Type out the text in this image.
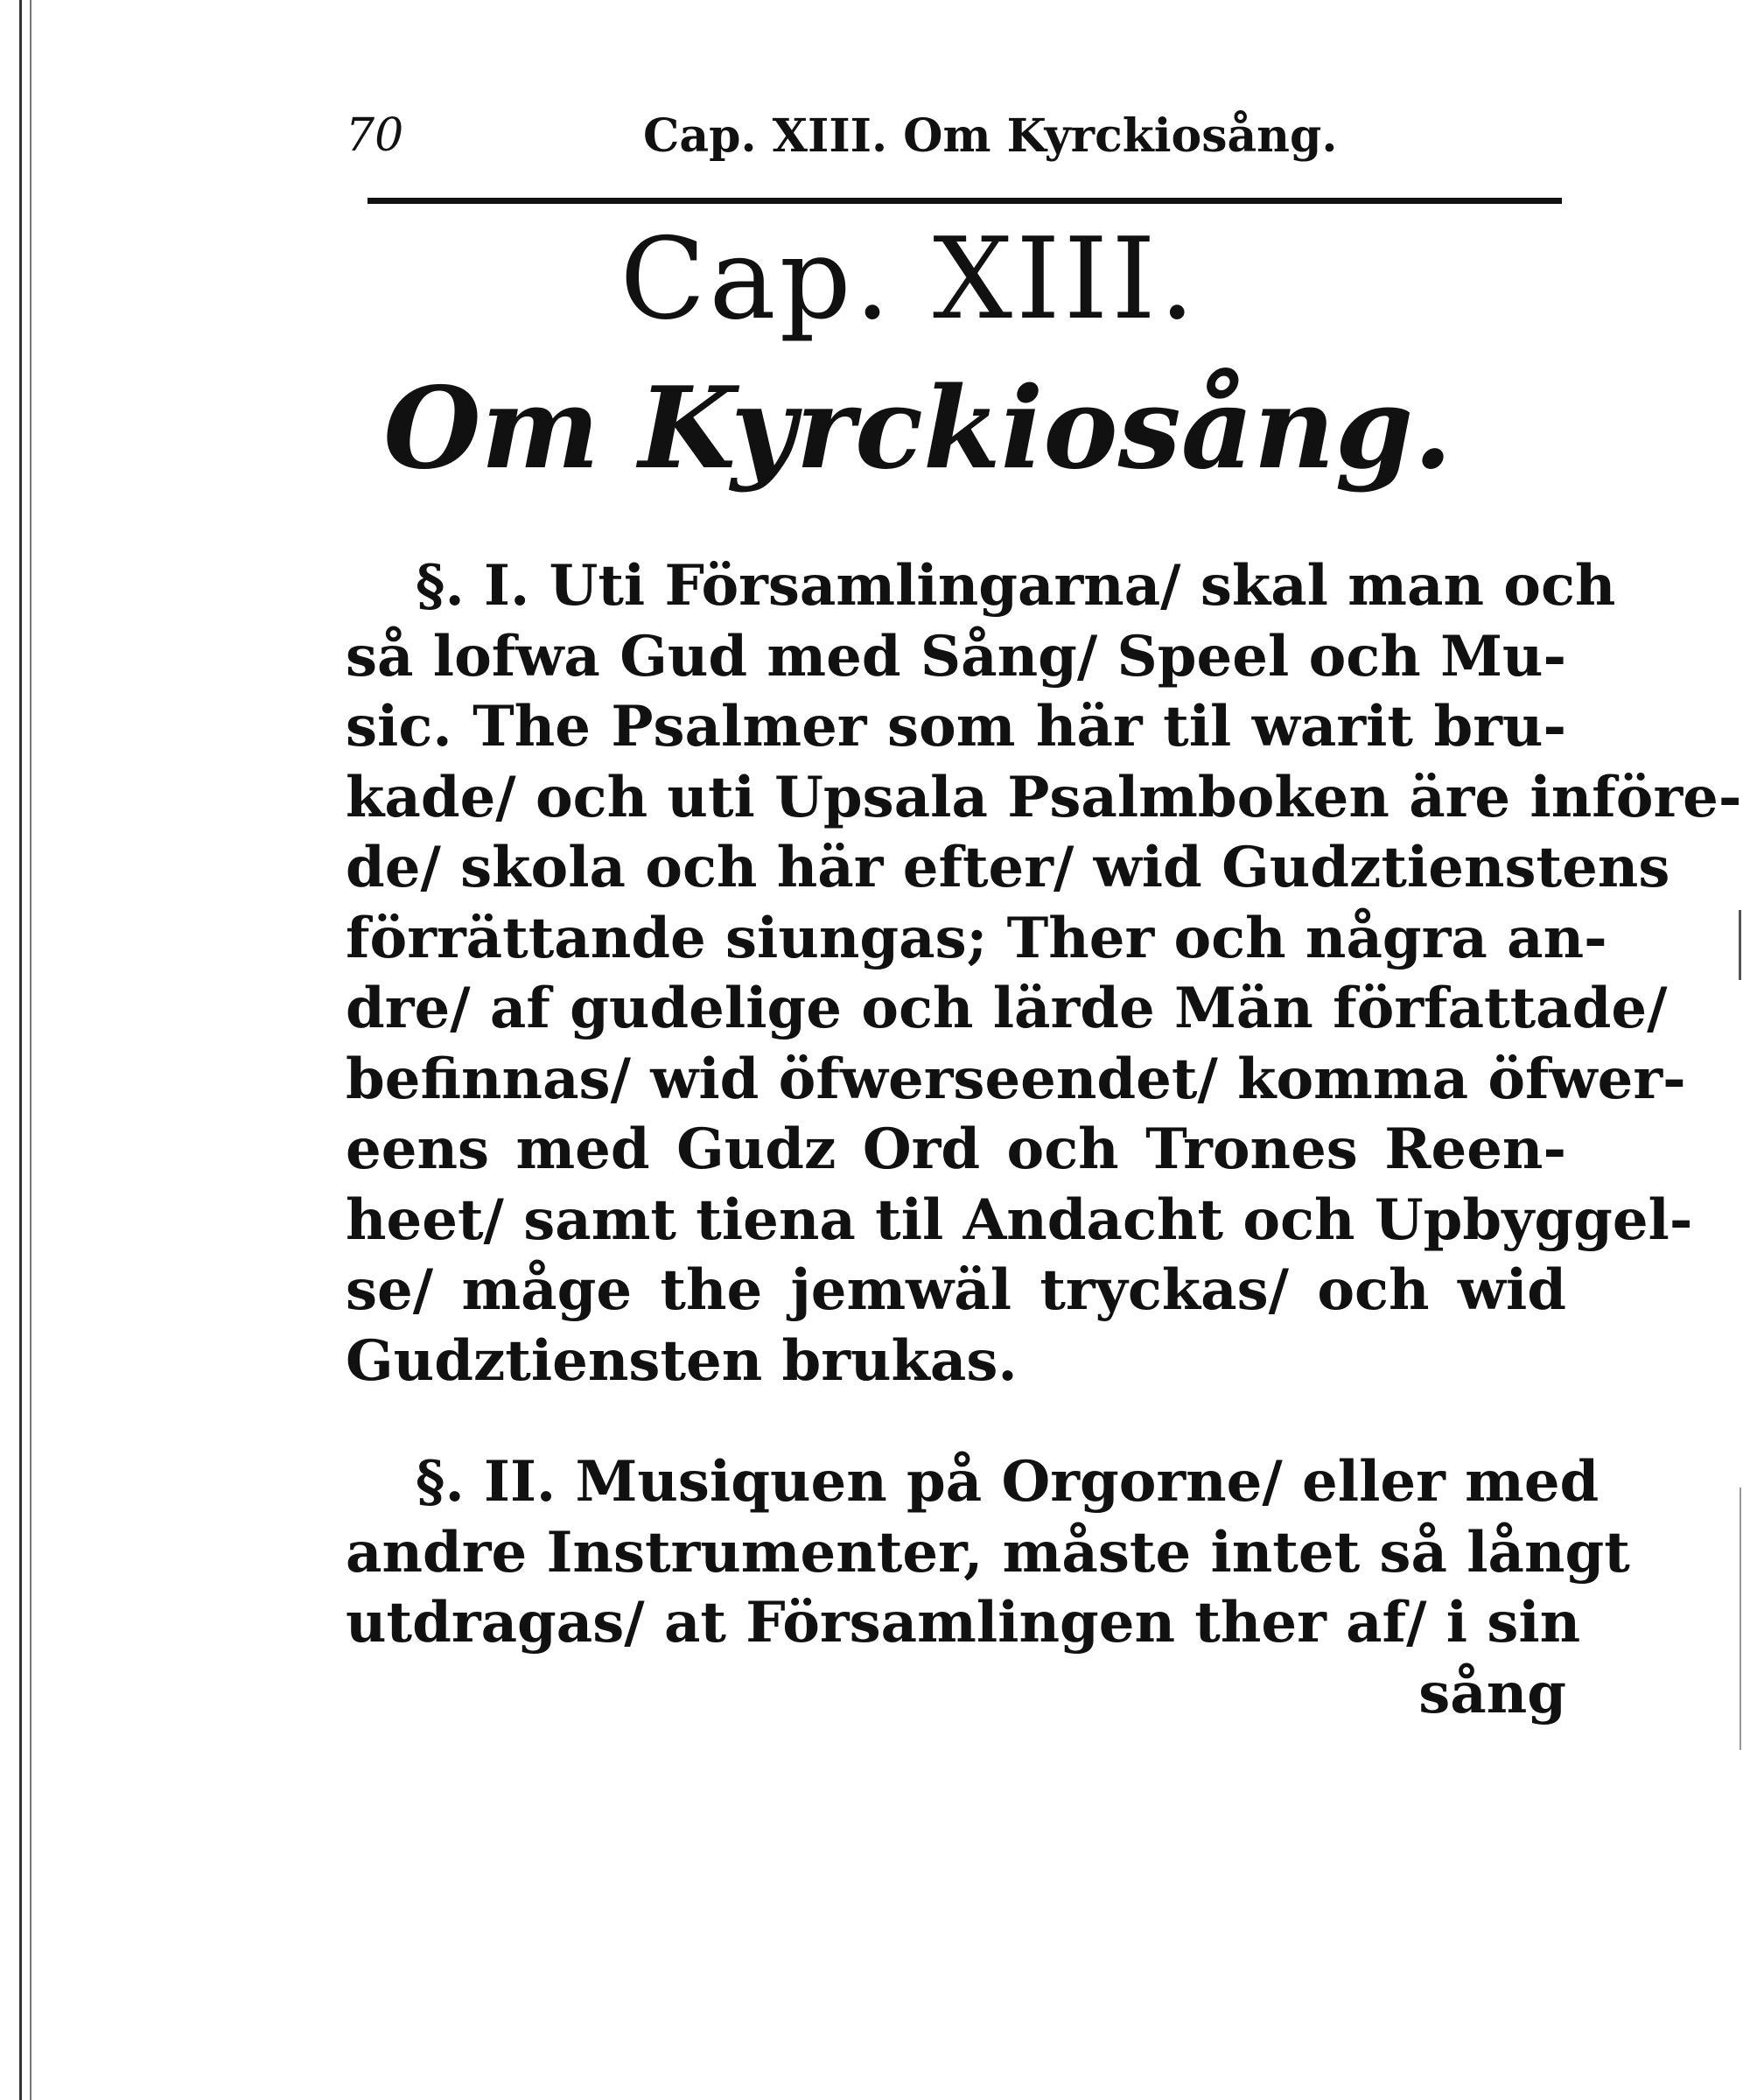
70	Cap. XIII. Om Kyrckiosång.
Cap. XIII.
Om Kyrckiosång.
§. I. Uti Församlingarna/ skal man och
så lofwa Gud med Sång/ Speel och Mu-
sic. The Psalmer som här til warit bru-
kade/ och uti Upsala Psalmboken äre införe-
de/ skola och här efter/ wid Gudztienstens
förrättande siungas; Ther och några an-
dre/ af gudelige och lärde Män författade/
befinnas/ wid öfwerseendet/ komma öfwer-
eens med Gudz Ord och Trones Reen-
heet/ samt tiena til Andacht och Upbyggel-
se/ måge the jemwäl tryckas/ och wid
Gudztiensten brukas.
§. II. Musiquen på Orgorne/ eller med
andre Instrumenter, måste intet så långt
utdragas/ at Församlingen ther af/ i sin
sång
